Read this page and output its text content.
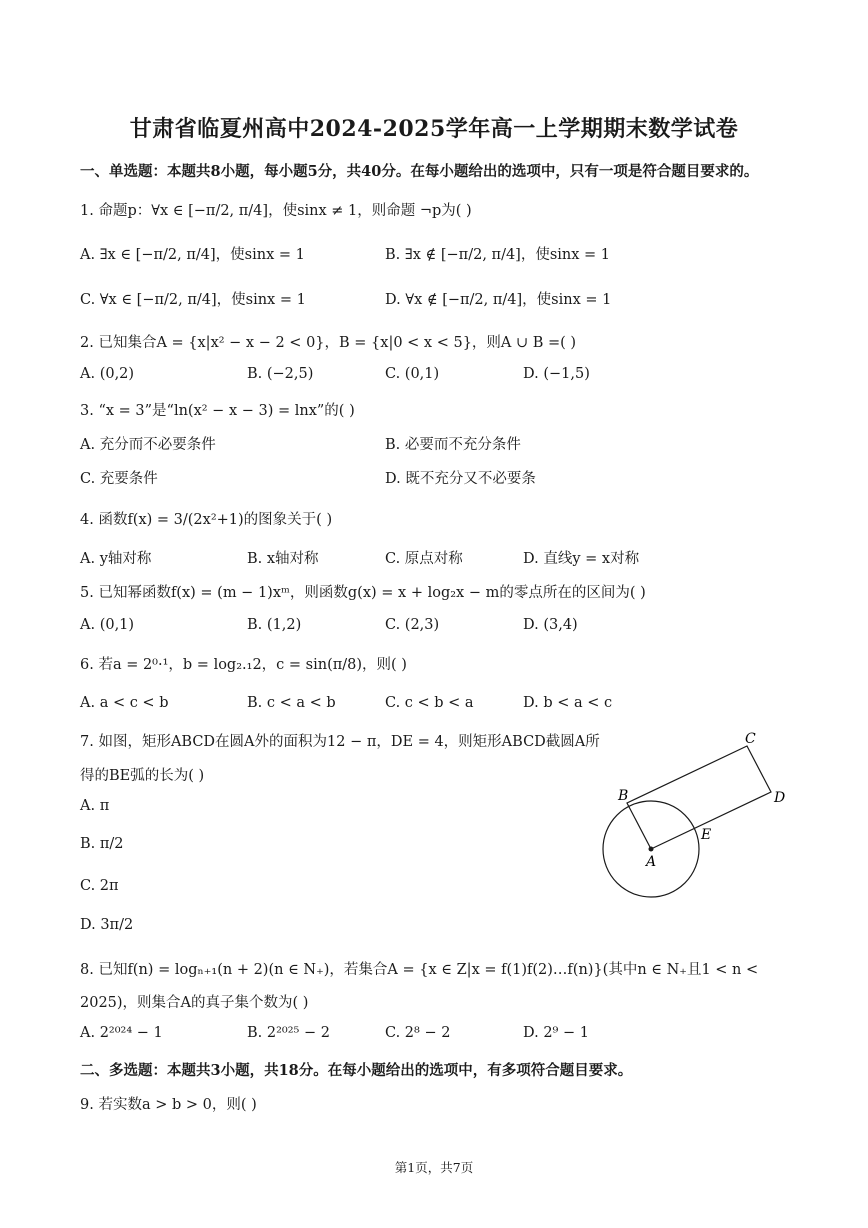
甘肃省临夏州高中2024-2025学年高一上学期期末数学试卷
一、单选题：本题共8小题，每小题5分，共40分。在每小题给出的选项中，只有一项是符合题目要求的。
1. 命题p：∀x ∈ [−π/2, π/4]，使sinx ≠ 1，则命题 ¬p为( )
A. ∃x ∈ [−π/2, π/4]，使sinx = 1	B. ∃x ∉ [−π/2, π/4]，使sinx = 1
C. ∀x ∈ [−π/2, π/4]，使sinx = 1	D. ∀x ∉ [−π/2, π/4]，使sinx = 1
2. 已知集合A = {x|x² − x − 2 < 0}，B = {x|0 < x < 5}，则A ∪ B =( )
A. (0,2)	B. (−2,5)	C. (0,1)	D. (−1,5)
3. “x = 3”是“ln(x² − x − 3) = lnx”的( )
A. 充分而不必要条件	B. 必要而不充分条件
C. 充要条件	D. 既不充分又不必要条
4. 函数f(x) = 3/(2x²+1)的图象关于( )
A. y轴对称	B. x轴对称	C. 原点对称	D. 直线y = x对称
5. 已知幂函数f(x) = (m − 1)xᵐ，则函数g(x) = x + log₂x − m的零点所在的区间为( )
A. (0,1)	B. (1,2)	C. (2,3)	D. (3,4)
6. 若a = 2⁰·¹，b = log₂.₁2，c = sin(π/8)，则( )
A. a < c < b	B. c < a < b	C. c < b < a	D. b < a < c
7. 如图，矩形ABCD在圆A外的面积为12 − π，DE = 4，则矩形ABCD截圆A所
得的BE弧的长为( )
A. π
B. π/2
C. 2π
D. 3π/2
A
B
C
D
E
8. 已知f(n) = logₙ₊₁(n + 2)(n ∈ N₊)，若集合A = {x ∈ Z|x = f(1)f(2)…f(n)}(其中n ∈ N₊且1 < n <
2025)，则集合A的真子集个数为( )
A. 2²⁰²⁴ − 1	B. 2²⁰²⁵ − 2	C. 2⁸ − 2	D. 2⁹ − 1
二、多选题：本题共3小题，共18分。在每小题给出的选项中，有多项符合题目要求。
9. 若实数a > b > 0，则( )
第1页，共7页
